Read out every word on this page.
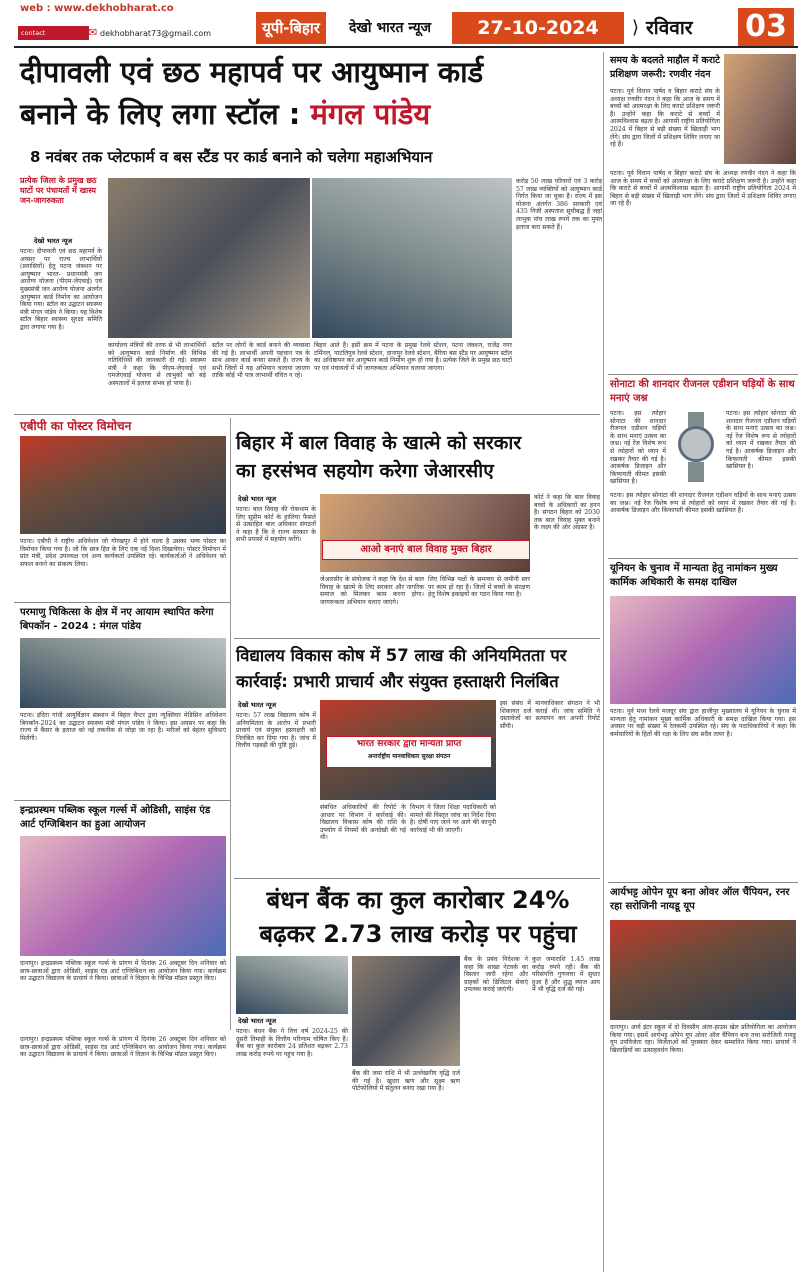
web : www.dekhobharat.co
contact	✉ dekhobharat73@gmail.com	यूपी-बिहार	देखो भारत न्यूज	27-10-2024	⟩ रविवार	03
दीपावली एवं छठ महापर्व पर आयुष्मान कार्ड
बनाने के लिए लगा स्टॉल : मंगल पांडेय
8 नवंबर तक प्लेटफार्म व बस स्टैंड पर कार्ड बनाने को चलेगा महाअभियान
प्रत्येक जिला के प्रमुख छठ घाटों पर पंचायतों में खास्य जन-जागरुकता
देखो भारत न्यूज
पटना। दीपावली एवं छठ महापर्व के अवसर पर राज्य लाभार्थियों (प्रवासियों) हेतु पटना जंक्शन पर आयुष्मान भारत- प्रधानमंत्री जन आरोग्य योजना (पीएम-जेएवाई) एवं मुख्यमंत्री जन आरोग्य योजना अंतर्गत आयुष्मान कार्ड निर्माण का आयोजन किया गया। स्टॉल का उद्घाटन स्वास्थ्य मंत्री मंगल पांडेय ने किया। यह विशेष स्टॉल बिहार स्वास्थ्य सुरक्षा समिति द्वारा लगाया गया है।
कार्यालय मंत्रियों की तरफ से भी लाभार्थियों को आयुष्मान कार्ड निर्माण की विभिन्न गतिविधियों की जानकारी दी गई। स्वास्थ्य मंत्री ने कहा कि पीएम-जेएवाई एवं एमजेएवाई योजना से लाभुकों को बड़े अस्पतालों में इलाज संभव हो पाया है।
स्टॉल पर लोगों के कार्ड बनाने की व्यवस्था की गई है। लाभार्थी अपनी पहचान पत्र के साथ आकर कार्ड बनवा सकते हैं। राज्य के सभी जिलों में यह अभियान चलाया जाएगा ताकि कोई भी पात्र लाभार्थी वंचित न रहे।
बिहार आते हैं। इसी क्रम में पटना के प्रमुख रेलवे स्टेशन, पटना जंक्शन, राजेंद्र नगर टर्मिनल, पाटलिपुत्र रेलवे स्टेशन, दानापुर रेलवे स्टेशन, बैरिया बस स्टैंड पर आयुष्मान स्टॉल का अधिष्ठापन कर आयुष्मान कार्ड निर्माण शुरू हो गया है। प्रत्येक जिले के प्रमुख छठ घाटों पर एवं पंचायतों में भी जागरुकता अभियान चलाया जाएगा।
करोड़ 50 लाख परिवारों एवं 3 करोड़ 57 लाख व्यक्तियों को आयुष्मान कार्ड निर्गत किया जा चुका है। राज्य में इस योजना अंतर्गत 386 सरकारी एवं 435 निजी अस्पताल सूचीबद्ध हैं जहां लाभुक पांच लाख रुपये तक का मुफ्त इलाज करा सकते हैं।
एबीपी का पोस्टर विमोचन
पटना। एबीपी ने राष्ट्रीय अधिवेशन जो गोरखपुर में होने वाला है उसका भव्य पोस्टर का विमोचन किया गया है। जो कि छात्र हित के लिए एक नई दिशा दिखायेगा। पोस्टर विमोचन में प्रांत मंत्री, प्रदेश उपाध्यक्ष एवं अन्य कार्यकर्ता उपस्थित रहे। कार्यकर्ताओं ने अधिवेशन को सफल बनाने का संकल्प लिया।
परमाणु चिकित्सा के क्षेत्र में नए आयाम स्थापित करेगा बिपकॉन - 2024 : मंगल पांडेय
पटना। इंदिरा गांधी आयुर्विज्ञान संस्थान में बिहार चैप्टर द्वारा न्यूक्लियर मेडिसिन अधिवेशन बिपकॉन-2024 का उद्घाटन स्वास्थ्य मंत्री मंगल पांडेय ने किया। इस अवसर पर कहा कि राज्य में कैंसर के इलाज को नई तकनीक से जोड़ा जा रहा है। मरीजों को बेहतर सुविधाएं मिलेंगी।
इन्द्रप्रस्थम पब्लिक स्कूल गर्ल्स में ओडिसी, साइंस एंड आर्ट एग्जिबिशन का हुआ आयोजन
दानापुर। इन्द्रप्रस्थम पब्लिक स्कूल गर्ल्स के प्रांगण में दिनांक 26 अक्टूबर दिन शनिवार को छात्र-छात्राओं द्वारा ओडिसी, साइंस एंड आर्ट एग्जिबिशन का आयोजन किया गया। कार्यक्रम का उद्घाटन विद्यालय के प्राचार्य ने किया। छात्राओं ने विज्ञान के विभिन्न मॉडल प्रस्तुत किए।
बिहार में बाल विवाह के खात्मे को सरकार
का हरसंभव सहयोग करेगा जेआरसीए
देखो भारत न्यूज
पटना। बाल विवाह की रोकथाम के लिए सुप्रीम कोर्ट के हालिया फैसले से उत्साहित बाल अधिकार संगठनों ने कहा है कि वे राज्य सरकार के सभी प्रयासों में सहयोग करेंगे।
आओ बनाएं बाल विवाह मुक्त बिहार
कोर्ट ने कहा कि बाल विवाह बच्चों के अधिकारों का हनन है। संगठन बिहार को 2030 तक बाल विवाह मुक्त बनाने के लक्ष्य की ओर अग्रसर है।
जेआरसीए के संयोजक ने कहा कि देश से बाल विवाह के खात्मे के लिए सरकार और नागरिक समाज को मिलकर काम करना होगा। जागरूकता अभियान चलाए जाएंगे।
लिए विभिन्न पक्षों के समन्वय से जमीनी स्तर पर काम हो रहा है। जिलों में बच्चों के संरक्षण हेतु विशेष इकाइयों का गठन किया गया है।
विद्यालय विकास कोष में 57 लाख की अनियमितता पर
कार्रवाई: प्रभारी प्राचार्य और संयुक्त हस्ताक्षरी निलंबित
देखो भारत न्यूज
पटना। 57 लाख विद्यालय कोष में अनियमितता के आरोप में प्रभारी प्राचार्य एवं संयुक्त हस्ताक्षरी को निलंबित कर दिया गया है। जांच में वित्तीय गड़बड़ी की पुष्टि हुई।	भारत सरकार द्वारा मान्यता प्राप्त
अन्तर्राष्ट्रीय मानवाधिकार सुरक्षा संगठन
इस संबंध में मानवाधिकार संगठन ने भी शिकायत दर्ज कराई थी। जांच समिति ने दस्तावेजों का सत्यापन कर अपनी रिपोर्ट सौंपी।
संबंधित अधिकारियों की रिपोर्ट के आधार पर विभाग ने कार्रवाई की। विद्यालय विकास कोष की राशि के उपयोग में नियमों की अनदेखी की गई थी।
विभाग ने जिला शिक्षा पदाधिकारी को मामले की विस्तृत जांच का निर्देश दिया है। दोषी पाए जाने पर आगे की कानूनी कार्रवाई भी की जाएगी।
बंधन बैंक का कुल कारोबार 24%
बढ़कर 2.73 लाख करोड़ पर पहुंचा
देखो भारत न्यूज
पटना। बंधन बैंक ने वित्त वर्ष 2024-25 की दूसरी तिमाही के वित्तीय परिणाम घोषित किए हैं। बैंक का कुल कारोबार 24 प्रतिशत बढ़कर 2.73 लाख करोड़ रुपये पर पहुंच गया है।
बैंक की जमा राशि में भी उल्लेखनीय वृद्धि दर्ज की गई है। खुदरा ऋण और सूक्ष्म ऋण पोर्टफोलियो में संतुलन बनाए रखा गया है।
बैंक के प्रबंध निदेशक ने कहा कि शाखा नेटवर्क का विस्तार जारी रहेगा और ग्राहकों को डिजिटल सेवाएं उपलब्ध कराई जाएंगी।
कुल जमाराशि 1.45 लाख करोड़ रुपये रही। बैंक की परिसंपत्ति गुणवत्ता में सुधार हुआ है और शुद्ध ब्याज आय में भी वृद्धि दर्ज की गई।
दानापुर। इन्द्रप्रस्थम पब्लिक स्कूल गर्ल्स के प्रांगण में दिनांक 26 अक्टूबर दिन शनिवार को छात्र-छात्राओं द्वारा ओडिसी, साइंस एंड आर्ट एग्जिबिशन का आयोजन किया गया। कार्यक्रम का उद्घाटन विद्यालय के प्राचार्य ने किया। छात्राओं ने विज्ञान के विभिन्न मॉडल प्रस्तुत किए।
समय के बदलते माहौल में कराटे प्रशिक्षण जरूरी: रणवीर नंदन
पटना। पूर्व विधान पार्षद व बिहार कराटे संघ के अध्यक्ष रणवीर नंदन ने कहा कि आज के समय में बच्चों को आत्मरक्षा के लिए कराटे प्रशिक्षण जरूरी है। उन्होंने कहा कि कराटे से बच्चों में आत्मविश्वास बढ़ता है। आगामी राष्ट्रीय प्रतियोगिता 2024 में बिहार से बड़ी संख्या में खिलाड़ी भाग लेंगे। संघ द्वारा जिलों में प्रशिक्षण शिविर लगाए जा रहे हैं।
पटना। पूर्व विधान पार्षद व बिहार कराटे संघ के अध्यक्ष रणवीर नंदन ने कहा कि आज के समय में बच्चों को आत्मरक्षा के लिए कराटे प्रशिक्षण जरूरी है। उन्होंने कहा कि कराटे से बच्चों में आत्मविश्वास बढ़ता है। आगामी राष्ट्रीय प्रतियोगिता 2024 में बिहार से बड़ी संख्या में खिलाड़ी भाग लेंगे। संघ द्वारा जिलों में प्रशिक्षण शिविर लगाए जा रहे हैं।
सोनाटा की शानदार रीजनल एडीशन घड़ियों के साथ मनाएं जश्न
पटना। इस त्योहार सोनाटा की शानदार रीजनल एडीशन घड़ियों के साथ मनाएं उत्सव का जश्न। नई रेंज विशेष रूप से त्योहारों को ध्यान में रखकर तैयार की गई है। आकर्षक डिजाइन और किफायती कीमत इसकी खासियत है।
पटना। इस त्योहार सोनाटा की शानदार रीजनल एडीशन घड़ियों के साथ मनाएं उत्सव का जश्न। नई रेंज विशेष रूप से त्योहारों को ध्यान में रखकर तैयार की गई है। आकर्षक डिजाइन और किफायती कीमत इसकी खासियत है।
पटना। इस त्योहार सोनाटा की शानदार रीजनल एडीशन घड़ियों के साथ मनाएं उत्सव का जश्न। नई रेंज विशेष रूप से त्योहारों को ध्यान में रखकर तैयार की गई है। आकर्षक डिजाइन और किफायती कीमत इसकी खासियत है।
यूनियन के चुनाव में मान्यता हेतु नामांकन मुख्य कार्मिक अधिकारी के समक्ष दाखिल
पटना। पूर्व मध्य रेलवे मजदूर संघ द्वारा हाजीपुर मुख्यालय में यूनियन के चुनाव में मान्यता हेतु नामांकन मुख्य कार्मिक अधिकारी के समक्ष दाखिल किया गया। इस अवसर पर बड़ी संख्या में रेलकर्मी उपस्थित रहे। संघ के पदाधिकारियों ने कहा कि कर्मचारियों के हितों की रक्षा के लिए संघ सदैव तत्पर है।
आर्यभट्ट ओपेन यूप बना ओवर ऑल चैंपियन, रनर रहा सरोजिनी नायडू यूप
दानापुर। आर्य इंटर स्कूल में दो दिवसीय अंतर-हाउस खेल प्रतियोगिता का आयोजन किया गया। इसमें आर्यभट्ट ओपेन यूप ओवर ऑल चैंपियन बना तथा सरोजिनी नायडू यूप उपविजेता रहा। विजेताओं को पुरस्कार देकर सम्मानित किया गया। प्राचार्य ने खिलाड़ियों का उत्साहवर्धन किया।
